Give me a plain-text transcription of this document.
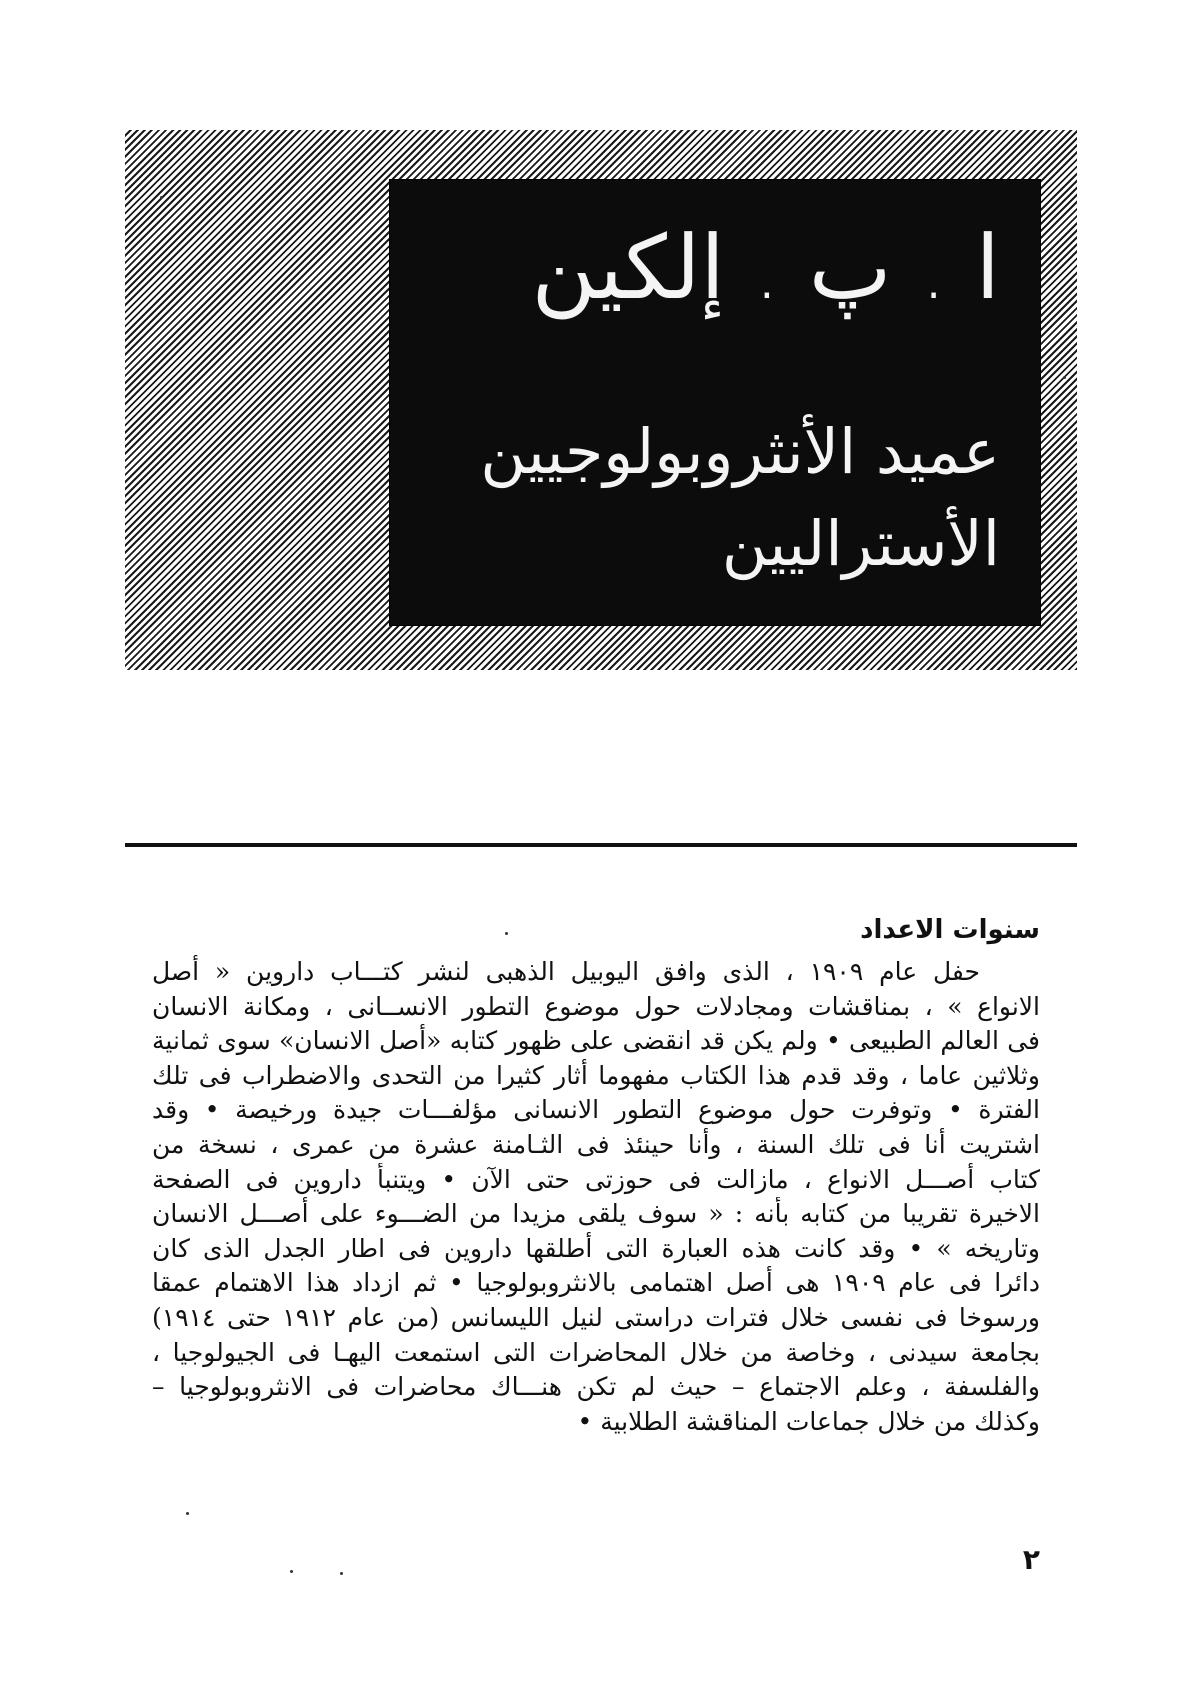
ا . پ . إلكين
عميد الأنثروبولوجيين
الأستراليين
سنوات الاعداد
حفل عام ١٩٠٩ ، الذى وافق اليوبيل الذهبى لنشر كتـــاب داروين « أصل
الانواع » ، بمناقشات ومجادلات حول موضوع التطور الانســانى ، ومكانة الانسان
فى العالم الطبيعى • ولم يكن قد انقضى على ظهور كتابه «أصل الانسان» سوى ثمانية
وثلاثين عاما ، وقد قدم هذا الكتاب مفهوما أثار كثيرا من التحدى والاضطراب فى تلك
الفترة • وتوفرت حول موضوع التطور الانسانى مؤلفـــات جيدة ورخيصة • وقد
اشتريت أنا فى تلك السنة ، وأنا حينئذ فى الثـامنة عشرة من عمرى ، نسخة من
كتاب أصـــل الانواع ، مازالت فى حوزتى حتى الآن • ويتنبأ داروين فى الصفحة
الاخيرة تقريبا من كتابه بأنه : « سوف يلقى مزيدا من الضـــوء على أصـــل الانسان
وتاريخه » • وقد كانت هذه العبارة التى أطلقها داروين فى اطار الجدل الذى كان
دائرا فى عام ١٩٠٩ هى أصل اهتمامى بالانثروبولوجيا • ثم ازداد هذا الاهتمام عمقا
ورسوخا فى نفسى خلال فترات دراستى لنيل الليسانس (من عام ١٩١٢ حتى ١٩١٤)
بجامعة سيدنى ، وخاصة من خلال المحاضرات التى استمعت اليهـا فى الجيولوجيا ،
والفلسفة ، وعلم الاجتماع – حيث لم تكن هنـــاك محاضرات فى الانثروبولوجيا –
وكذلك من خلال جماعات المناقشة الطلابية •
٢
